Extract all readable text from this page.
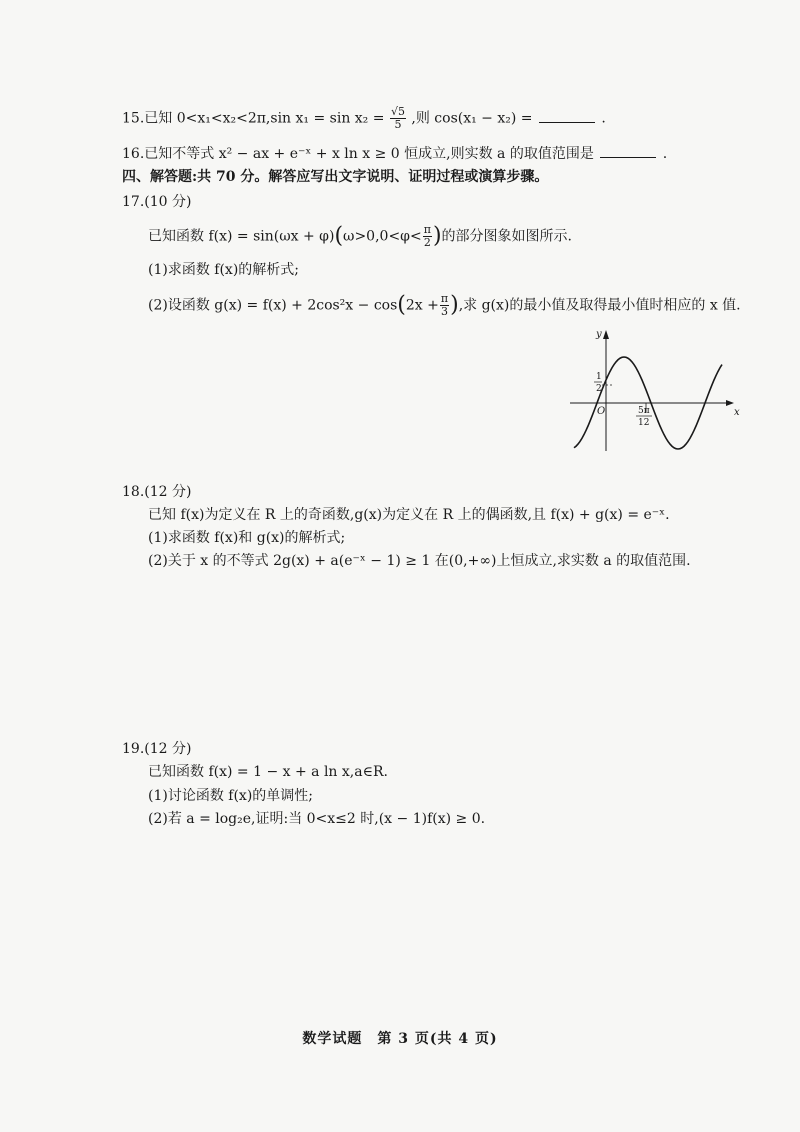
15.已知 0<x₁<x₂<2π,sin $x_1 = \sin x_2 = \frac{√5}{5}$ ,则 cos(x₁ − x₂) =	.
16.已知不等式 x² − ax + e⁻ˣ + x ln x ≥ 0 恒成立,则实数 a 的取值范围是	.
四、解答题:共 70 分。解答应写出文字说明、证明过程或演算步骤。
17.(10 分)
已知函数 $f(x) = \sin(\omega x + \varphi)(\omega>0,0<\varphi< \frac{\pi}{2}$ )的部分图象如图所示.
(1)求函数 f(x)的解析式;
(2)设函数 $g(x) = f(x) + 2\cos^2x - \cos(2x + \frac{\pi}{3}$ ),求 g(x)的最小值及取得最小值时相应的 x 值.
y
x
O
1
2
5π
12
18.(12 分)
已知 f(x)为定义在 R 上的奇函数,g(x)为定义在 R 上的偶函数,且 f(x) + g(x) = e⁻ˣ.
(1)求函数 f(x)和 g(x)的解析式;
(2)关于 x 的不等式 2g(x) + a(e⁻ˣ − 1) ≥ 1 在(0,+∞)上恒成立,求实数 a 的取值范围.
19.(12 分)
已知函数 f(x) = 1 − x + a ln x,a∈R.
(1)讨论函数 f(x)的单调性;
(2)若 a = log₂e,证明:当 0<x≤2 时,(x − 1)f(x) ≥ 0.
数学试题　第 3 页(共 4 页)
